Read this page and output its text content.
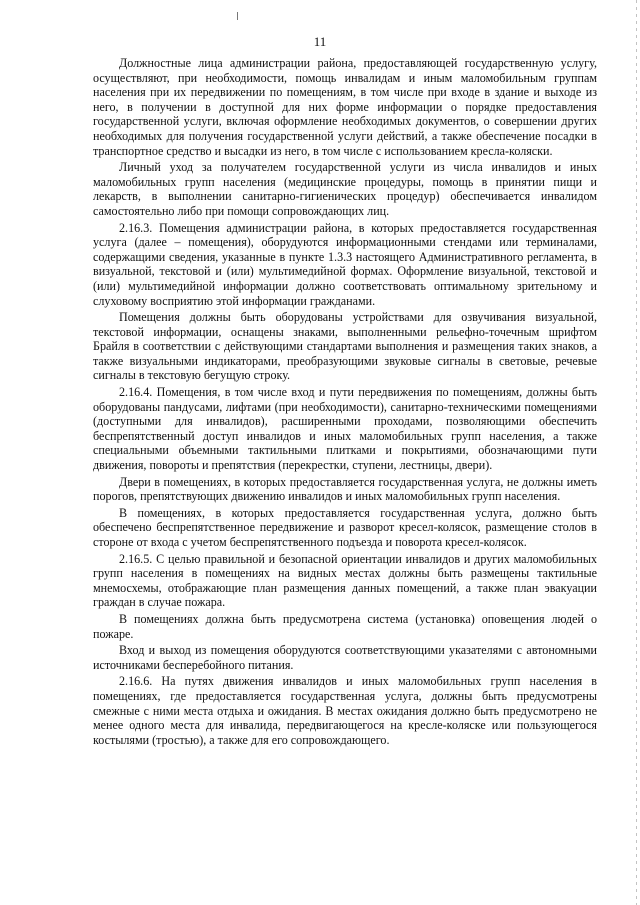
11

Должностные лица администрации района, предоставляющей государственную услугу, осуществляют, при необходимости, помощь инвалидам и иным маломобильным группам населения при их передвижении по помещениям, в том числе при входе в здание и выходе из него, в получении в доступной для них форме информации о порядке предоставления государственной услуги, включая оформление необходимых документов, о совершении других необходимых для получения государственной услуги действий, а также обеспечение посадки в транспортное средство и высадки из него, в том числе с использованием кресла-коляски.

Личный уход за получателем государственной услуги из числа инвалидов и иных маломобильных групп населения (медицинские процедуры, помощь в принятии пищи и лекарств, в выполнении санитарно-гигиенических процедур) обеспечивается инвалидом самостоятельно либо при помощи сопровождающих лиц.

2.16.3. Помещения администрации района, в которых предоставляется государственная услуга (далее – помещения), оборудуются информационными стендами или терминалами, содержащими сведения, указанные в пункте 1.3.3 настоящего Административного регламента, в визуальной, текстовой и (или) мультимедийной формах. Оформление визуальной, текстовой и (или) мультимедийной информации должно соответствовать оптимальному зрительному и слуховому восприятию этой информации гражданами.

Помещения должны быть оборудованы устройствами для озвучивания визуальной, текстовой информации, оснащены знаками, выполненными рельефно-точечным шрифтом Брайля в соответствии с действующими стандартами выполнения и размещения таких знаков, а также визуальными индикаторами, преобразующими звуковые сигналы в световые, речевые сигналы в текстовую бегущую строку.

2.16.4. Помещения, в том числе вход и пути передвижения по помещениям, должны быть оборудованы пандусами, лифтами (при необходимости), санитарно-техническими помещениями (доступными для инвалидов), расширенными проходами, позволяющими обеспечить беспрепятственный доступ инвалидов и иных маломобильных групп населения, а также специальными объемными тактильными плитками и покрытиями, обозначающими пути движения, повороты и препятствия (перекрестки, ступени, лестницы, двери).

Двери в помещениях, в которых предоставляется государственная услуга, не должны иметь порогов, препятствующих движению инвалидов и иных маломобильных групп населения.

В помещениях, в которых предоставляется государственная услуга, должно быть обеспечено беспрепятственное передвижение и разворот кресел-колясок, размещение столов в стороне от входа с учетом беспрепятственного подъезда и поворота кресел-колясок.

2.16.5. С целью правильной и безопасной ориентации инвалидов и других маломобильных групп населения в помещениях на видных местах должны быть размещены тактильные мнемосхемы, отображающие план размещения данных помещений, а также план эвакуации граждан в случае пожара.

В помещениях должна быть предусмотрена система (установка) оповещения людей о пожаре.

Вход и выход из помещения оборудуются соответствующими указателями с автономными источниками бесперебойного питания.

2.16.6. На путях движения инвалидов и иных маломобильных групп населения в помещениях, где предоставляется государственная услуга, должны быть предусмотрены смежные с ними места отдыха и ожидания. В местах ожидания должно быть предусмотрено не менее одного места для инвалида, передвигающегося на кресле-коляске или пользующегося костылями (тростью), а также для его сопровождающего.
